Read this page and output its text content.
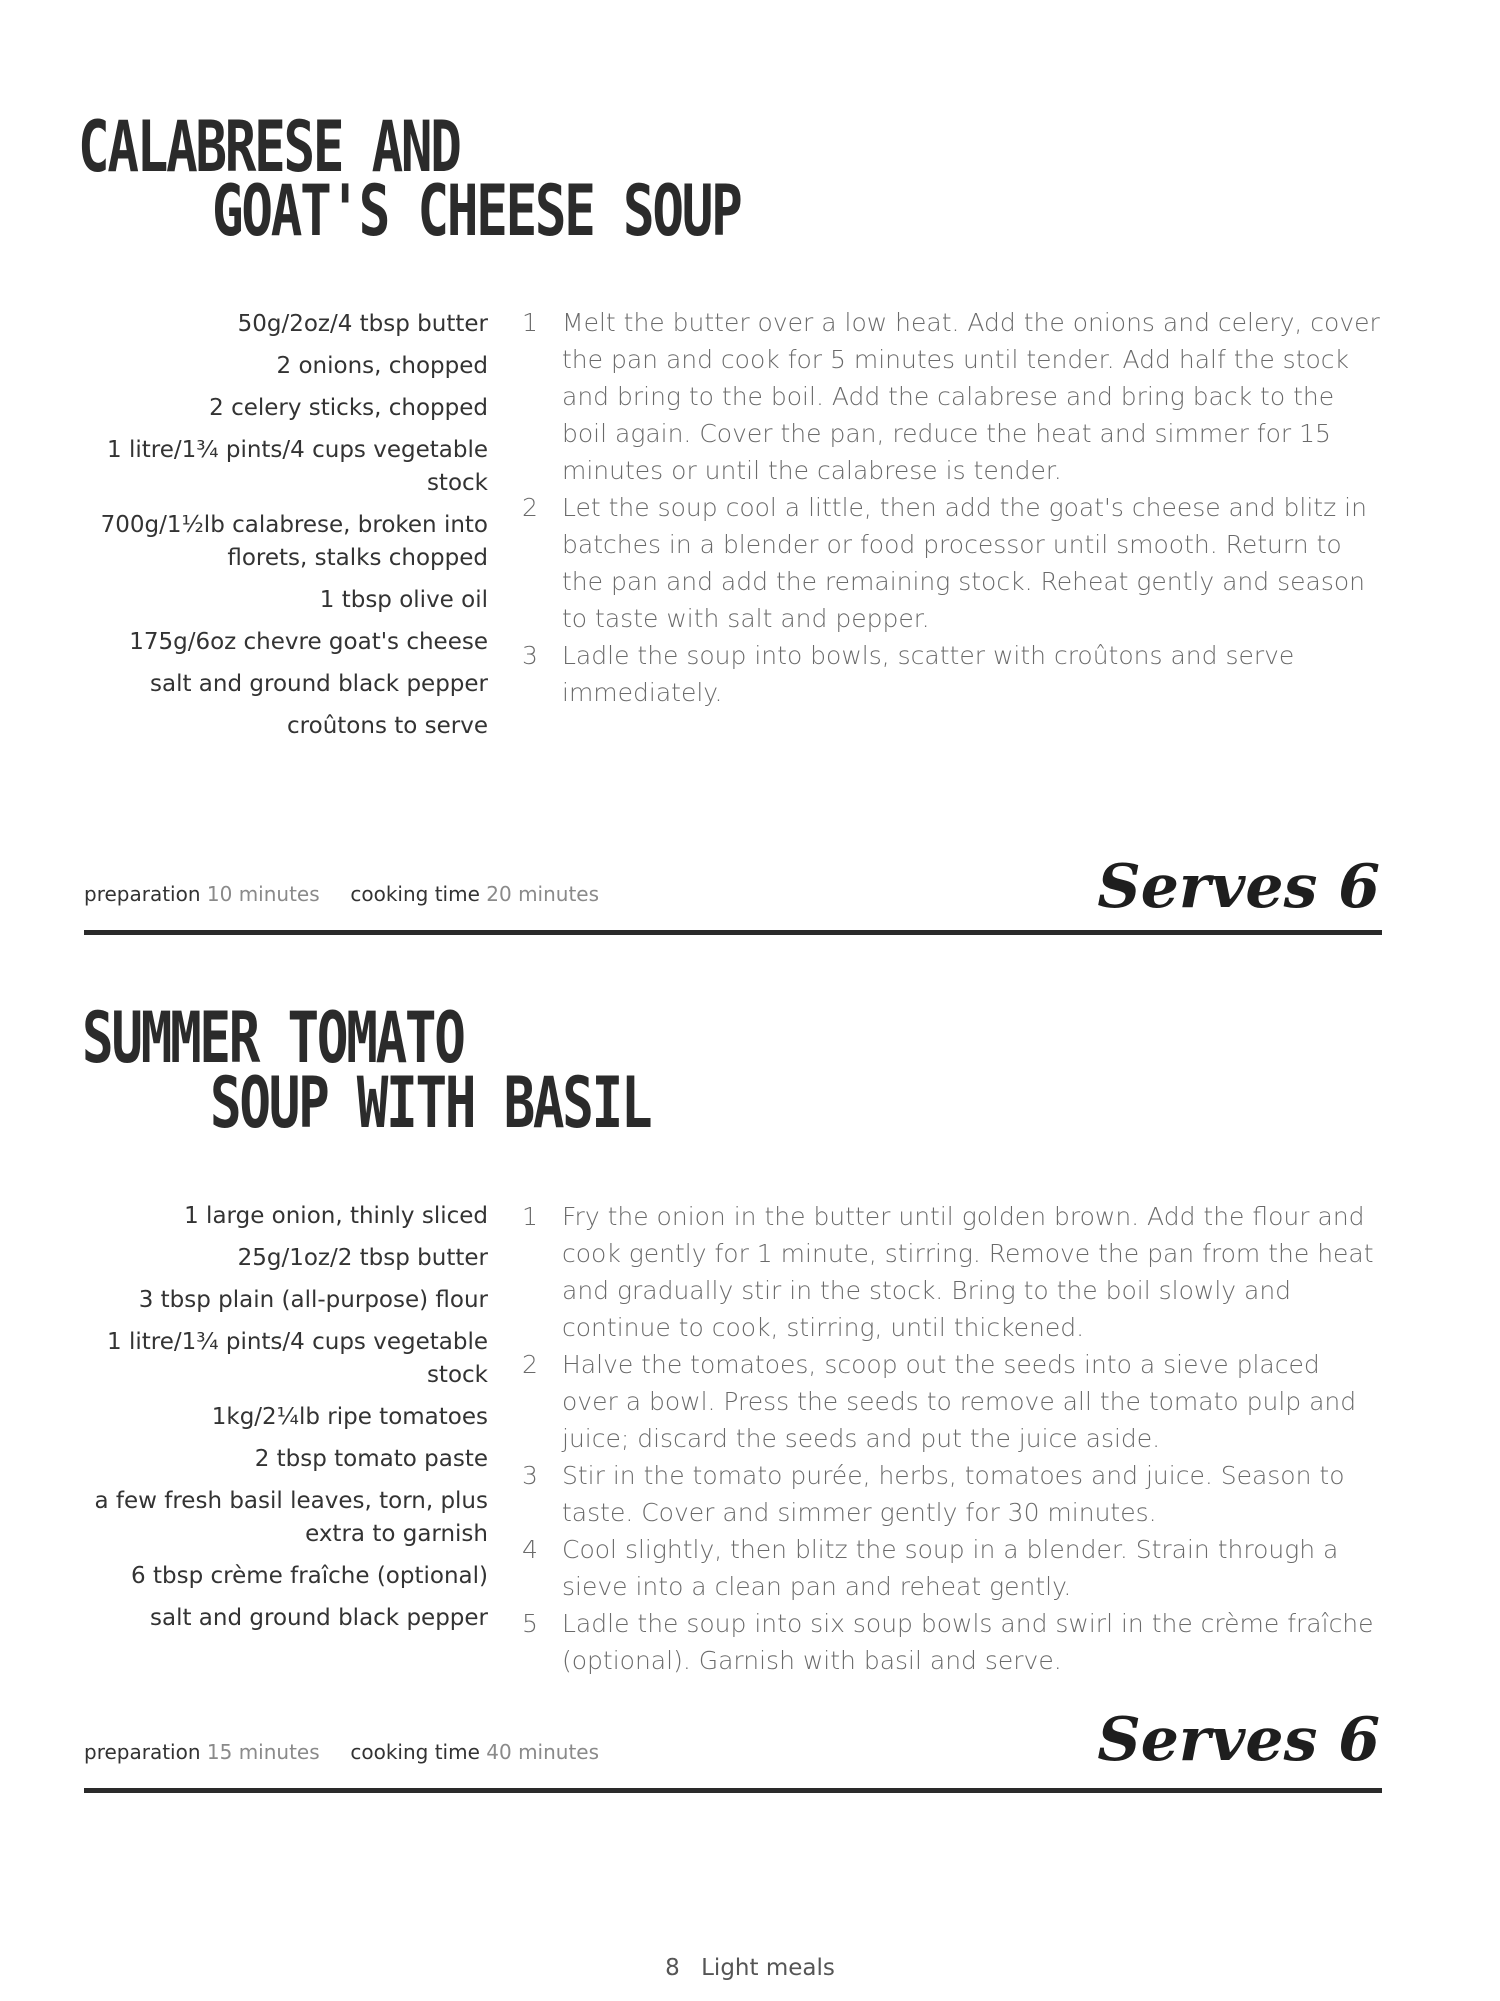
CALABRESE AND
GOAT'S CHEESE SOUP
50g/2oz/4 tbsp butter
2 onions, chopped
2 celery sticks, chopped
1 litre/1¾ pints/4 cups vegetable stock
700g/1½lb calabrese, broken into florets, stalks chopped
1 tbsp olive oil
175g/6oz chevre goat's cheese
salt and ground black pepper
croûtons to serve
1 Melt the butter over a low heat. Add the onions and celery, cover the pan and cook for 5 minutes until tender. Add half the stock and bring to the boil. Add the calabrese and bring back to the boil again. Cover the pan, reduce the heat and simmer for 15 minutes or until the calabrese is tender.
2 Let the soup cool a little, then add the goat's cheese and blitz in batches in a blender or food processor until smooth. Return to the pan and add the remaining stock. Reheat gently and season to taste with salt and pepper.
3 Ladle the soup into bowls, scatter with croûtons and serve immediately.
preparation 10 minutes cooking time 20 minutes	Serves 6
SUMMER TOMATO
SOUP WITH BASIL
1 large onion, thinly sliced
25g/1oz/2 tbsp butter
3 tbsp plain (all-purpose) flour
1 litre/1¾ pints/4 cups vegetable stock
1kg/2¼lb ripe tomatoes
2 tbsp tomato paste
a few fresh basil leaves, torn, plus extra to garnish
6 tbsp crème fraîche (optional)
salt and ground black pepper
1 Fry the onion in the butter until golden brown. Add the flour and cook gently for 1 minute, stirring. Remove the pan from the heat and gradually stir in the stock. Bring to the boil slowly and continue to cook, stirring, until thickened.
2 Halve the tomatoes, scoop out the seeds into a sieve placed over a bowl. Press the seeds to remove all the tomato pulp and juice; discard the seeds and put the juice aside.
3 Stir in the tomato purée, herbs, tomatoes and juice. Season to taste. Cover and simmer gently for 30 minutes.
4 Cool slightly, then blitz the soup in a blender. Strain through a sieve into a clean pan and reheat gently.
5 Ladle the soup into six soup bowls and swirl in the crème fraîche (optional). Garnish with basil and serve.
preparation 15 minutes cooking time 40 minutes	Serves 6
8 Light meals
